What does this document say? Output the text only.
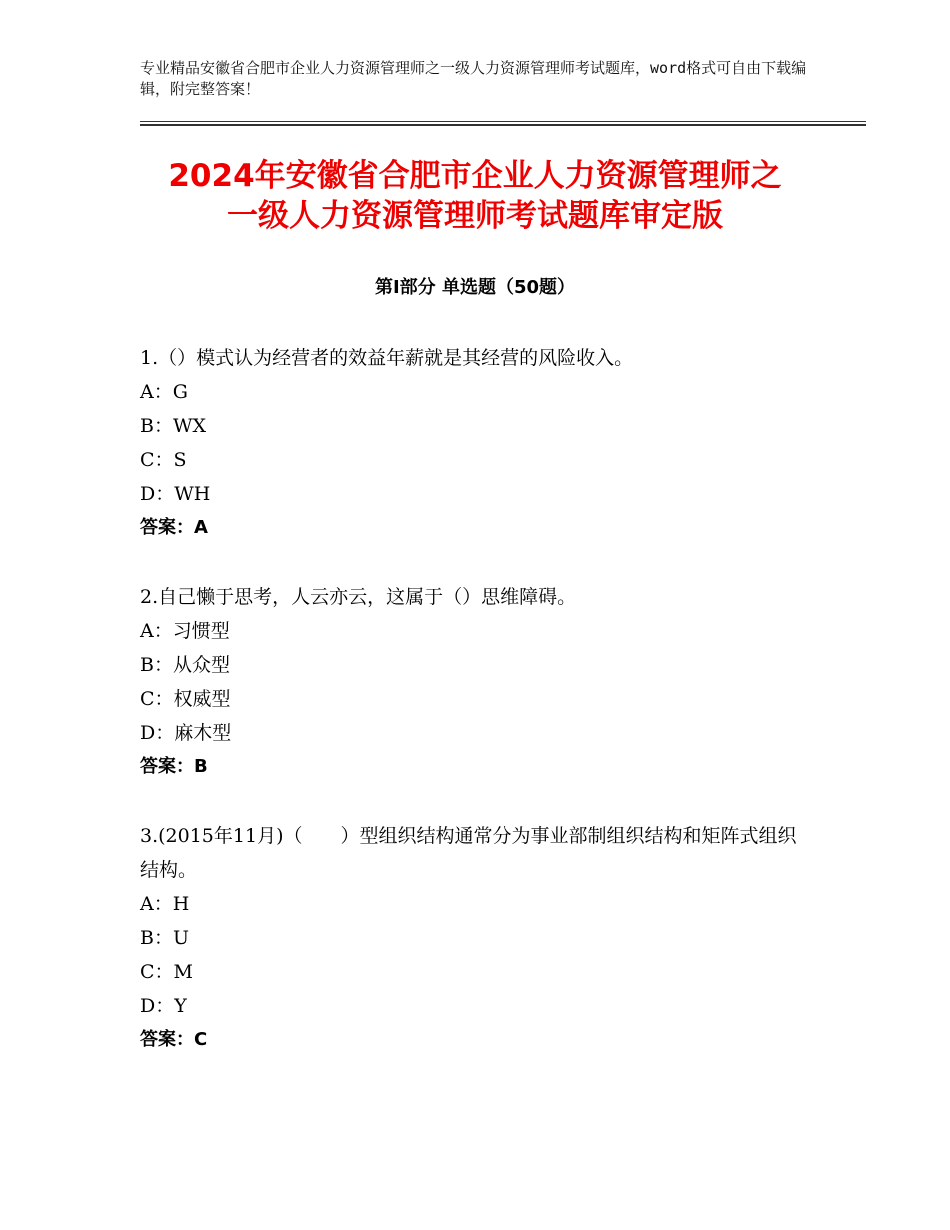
专业精品安徽省合肥市企业人力资源管理师之一级人力资源管理师考试题库，word格式可自由下载编辑，附完整答案！
2024年安徽省合肥市企业人力资源管理师之
一级人力资源管理师考试题库审定版
第Ⅰ部分 单选题（50题）

1.（）模式认为经营者的效益年薪就是其经营的风险收入。

A：G

B：WX

C：S

D：WH

答案：A

2.自己懒于思考，人云亦云，这属于（）思维障碍。

A：习惯型

B：从众型

C：权威型

D：麻木型

答案：B

3.(2015年11月)（　　）型组织结构通常分为事业部制组织结构和矩阵式组织结构。

A：H

B：U

C：M

D：Y

答案：C
